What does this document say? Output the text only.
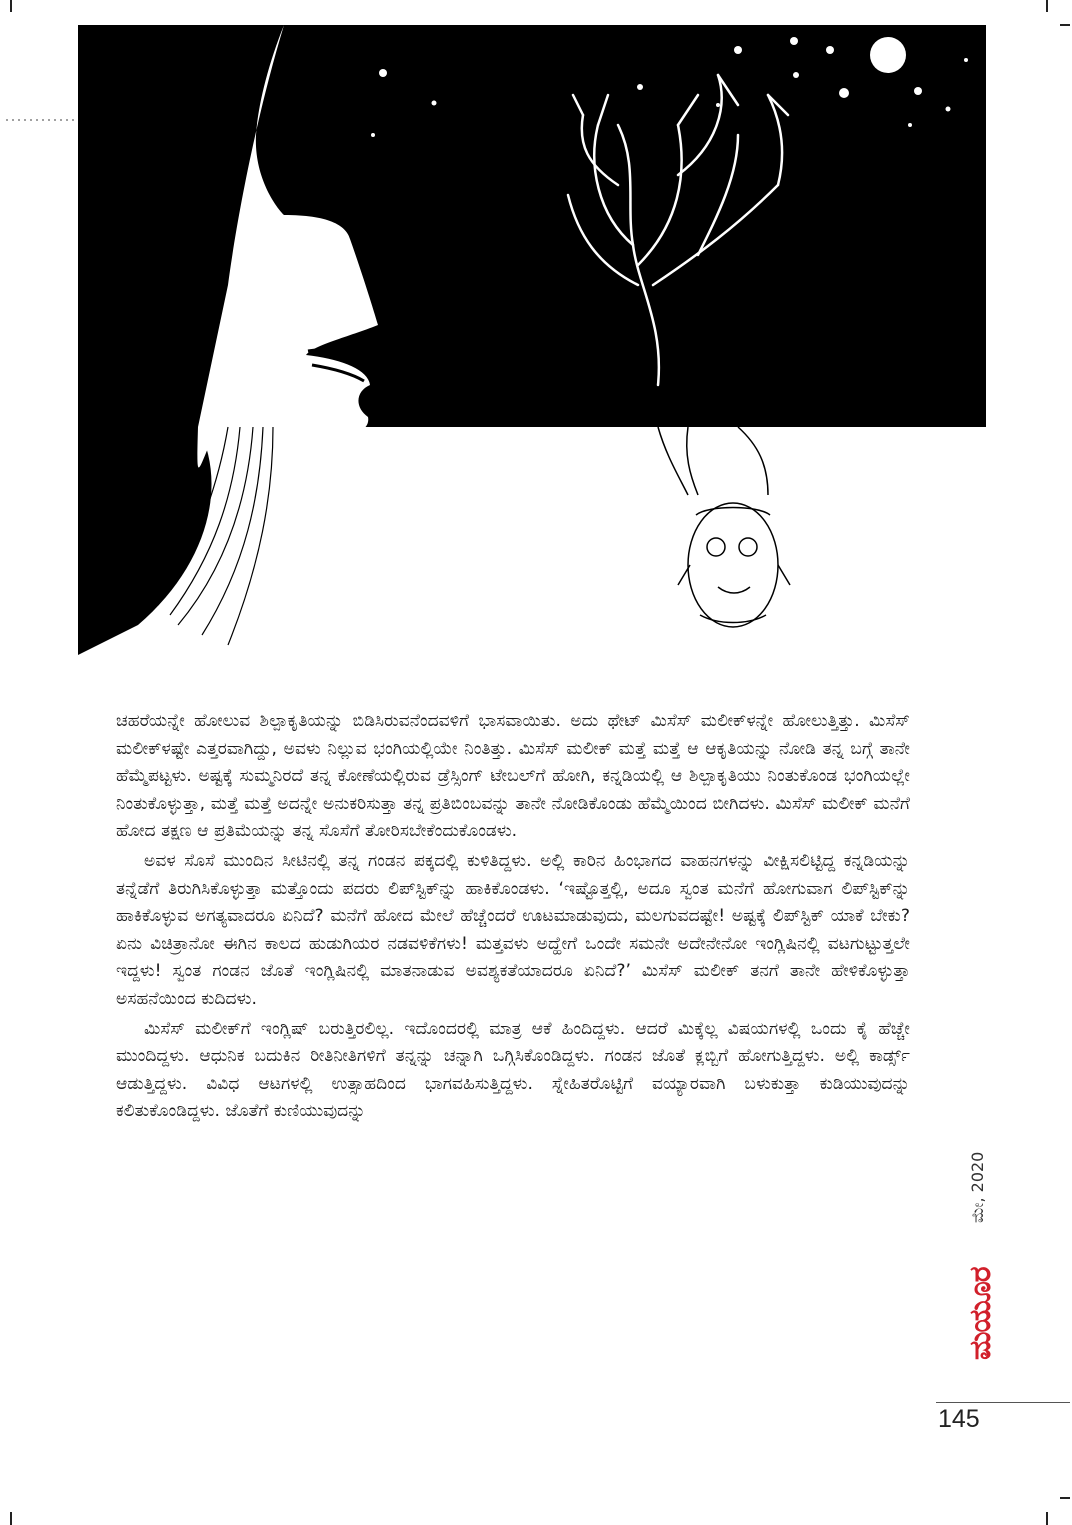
ಚಹರೆಯನ್ನೇ ಹೋಲುವ ಶಿಲ್ಪಾಕೃತಿಯನ್ನು ಬಿಡಿಸಿರುವನೆಂದವಳಿಗೆ ಭಾಸವಾಯಿತು. ಅದು ಥೇಟ್ ಮಿಸೆಸ್ ಮಲೀಕ್‌ಳನ್ನೇ ಹೋಲುತ್ತಿತ್ತು. ಮಿಸೆಸ್ ಮಲೀಕ್‌ಳಷ್ಟೇ ಎತ್ತರವಾಗಿದ್ದು, ಅವಳು ನಿಲ್ಲುವ ಭಂಗಿಯಲ್ಲಿಯೇ ನಿಂತಿತ್ತು. ಮಿಸೆಸ್ ಮಲೀಕ್ ಮತ್ತೆ ಮತ್ತೆ ಆ ಆಕೃತಿಯನ್ನು ನೋಡಿ ತನ್ನ ಬಗ್ಗೆ ತಾನೇ ಹೆಮ್ಮೆಪಟ್ಟಳು. ಅಷ್ಟಕ್ಕೆ ಸುಮ್ಮನಿರದೆ ತನ್ನ ಕೋಣೆಯಲ್ಲಿರುವ ಡ್ರೆಸ್ಸಿಂಗ್ ಟೇಬಲ್‌ಗೆ ಹೋಗಿ, ಕನ್ನಡಿಯಲ್ಲಿ ಆ ಶಿಲ್ಪಾಕೃತಿಯು ನಿಂತುಕೊಂಡ ಭಂಗಿಯಲ್ಲೇ ನಿಂತುಕೊಳ್ಳುತ್ತಾ, ಮತ್ತೆ ಮತ್ತೆ ಅದನ್ನೇ ಅನುಕರಿಸುತ್ತಾ ತನ್ನ ಪ್ರತಿಬಿಂಬವನ್ನು ತಾನೇ ನೋಡಿಕೊಂಡು ಹೆಮ್ಮೆಯಿಂದ ಬೀಗಿದಳು. ಮಿಸೆಸ್ ಮಲೀಕ್ ಮನೆಗೆ ಹೋದ ತಕ್ಷಣ ಆ ಪ್ರತಿಮೆಯನ್ನು ತನ್ನ ಸೊಸೆಗೆ ತೋರಿಸಬೇಕೆಂದುಕೊಂಡಳು.

ಅವಳ ಸೊಸೆ ಮುಂದಿನ ಸೀಟಿನಲ್ಲಿ ತನ್ನ ಗಂಡನ ಪಕ್ಕದಲ್ಲಿ ಕುಳಿತಿದ್ದಳು. ಅಲ್ಲಿ ಕಾರಿನ ಹಿಂಭಾಗದ ವಾಹನಗಳನ್ನು ವೀಕ್ಷಿಸಲಿಟ್ಟಿದ್ದ ಕನ್ನಡಿಯನ್ನು ತನ್ನೆಡೆಗೆ ತಿರುಗಿಸಿಕೊಳ್ಳುತ್ತಾ ಮತ್ತೊಂದು ಪದರು ಲಿಪ್‌ಸ್ಟಿಕ್‌ನ್ನು ಹಾಕಿಕೊಂಡಳು. ‘ಇಷ್ಟೊತ್ತಲ್ಲಿ, ಅದೂ ಸ್ವಂತ ಮನೆಗೆ ಹೋಗುವಾಗ ಲಿಪ್‌ಸ್ಟಿಕ್‌ನ್ನು ಹಾಕಿಕೊಳ್ಳುವ ಅಗತ್ಯವಾದರೂ ಏನಿದೆ? ಮನೆಗೆ ಹೋದ ಮೇಲೆ ಹೆಚ್ಚೆಂದರೆ ಊಟಮಾಡುವುದು, ಮಲಗುವದಷ್ಟೇ! ಅಷ್ಟಕ್ಕೆ ಲಿಪ್‌ಸ್ಟಿಕ್ ಯಾಕೆ ಬೇಕು? ಏನು ವಿಚಿತ್ರಾನೋ ಈಗಿನ ಕಾಲದ ಹುಡುಗಿಯರ ನಡವಳಿಕೆಗಳು! ಮತ್ತವಳು ಅದ್ಹೇಗೆ ಒಂದೇ ಸಮನೇ ಅದೇನೇನೋ ಇಂಗ್ಲಿಷಿನಲ್ಲಿ ವಟಗುಟ್ಟುತ್ತಲೇ ಇದ್ದಳು! ಸ್ವಂತ ಗಂಡನ ಜೊತೆ ಇಂಗ್ಲಿಷಿನಲ್ಲಿ ಮಾತನಾಡುವ ಅವಶ್ಯಕತೆಯಾದರೂ ಏನಿದೆ?’ ಮಿಸೆಸ್ ಮಲೀಕ್ ತನಗೆ ತಾನೇ ಹೇಳಿಕೊಳ್ಳುತ್ತಾ ಅಸಹನೆಯಿಂದ ಕುದಿದಳು.

ಮಿಸೆಸ್ ಮಲೀಕ್‌ಗೆ ಇಂಗ್ಲಿಷ್ ಬರುತ್ತಿರಲಿಲ್ಲ. ಇದೊಂದರಲ್ಲಿ ಮಾತ್ರ ಆಕೆ ಹಿಂದಿದ್ದಳು. ಆದರೆ ಮಿಕ್ಕೆಲ್ಲ ವಿಷಯಗಳಲ್ಲಿ ಒಂದು ಕೈ ಹೆಚ್ಚೇ ಮುಂದಿದ್ದಳು. ಆಧುನಿಕ ಬದುಕಿನ ರೀತಿನೀತಿಗಳಿಗೆ ತನ್ನನ್ನು ಚನ್ನಾಗಿ ಒಗ್ಗಿಸಿಕೊಂಡಿದ್ದಳು. ಗಂಡನ ಜೊತೆ ಕ್ಲಬ್ಬಿಗೆ ಹೋಗುತ್ತಿದ್ದಳು. ಅಲ್ಲಿ ಕಾರ್ಡ್ಸ್ ಆಡುತ್ತಿದ್ದಳು. ವಿವಿಧ ಆಟಗಳಲ್ಲಿ ಉತ್ಸಾಹದಿಂದ ಭಾಗವಹಿಸುತ್ತಿದ್ದಳು. ಸ್ನೇಹಿತರೊಟ್ಟಿಗೆ ವಯ್ಯಾರವಾಗಿ ಬಳುಕುತ್ತಾ ಕುಡಿಯುವುದನ್ನು ಕಲಿತುಕೊಂಡಿದ್ದಳು. ಜೊತೆಗೆ ಕುಣಿಯುವುದನ್ನು

ಮೇ, 2020
ಮಯೂರ
145
